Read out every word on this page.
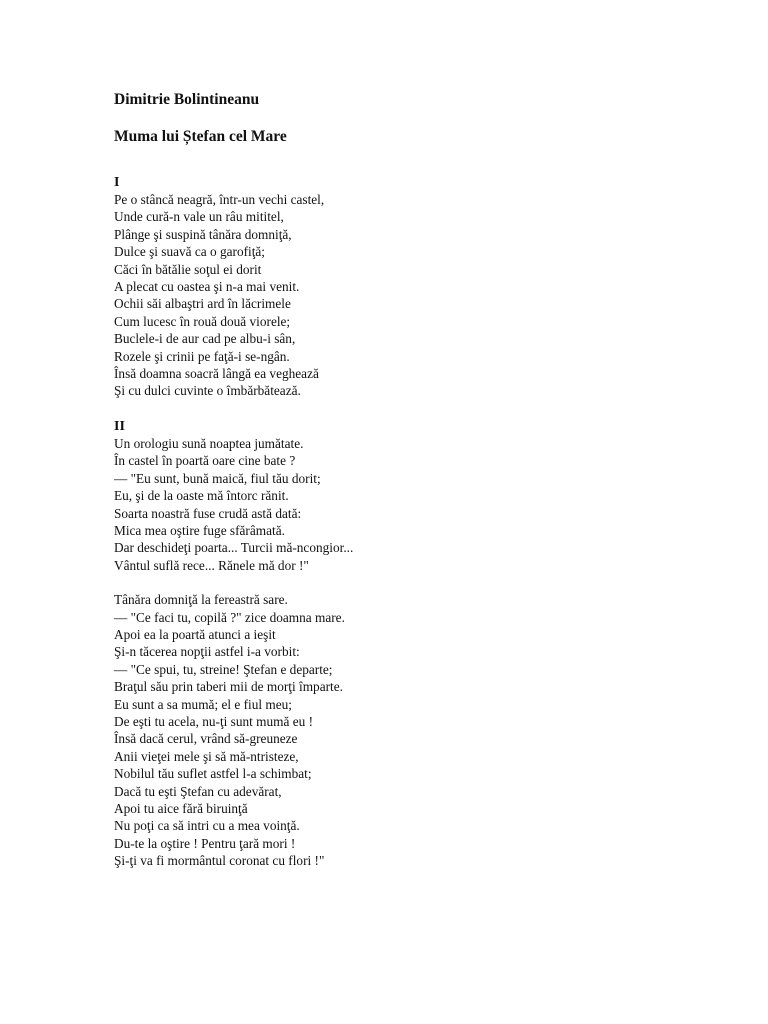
Dimitrie Bolintineanu

Muma lui Ștefan cel Mare

I

Pe o stâncă neagră, într-un vechi castel,
Unde cură-n vale un râu mititel,
Plânge şi suspină tânăra domniţă,
Dulce şi suavă ca o garofiţă;
Căci în bătălie soţul ei dorit
A plecat cu oastea şi n-a mai venit.
Ochii săi albaştri ard în lăcrimele
Cum lucesc în rouă două viorele;
Buclele-i de aur cad pe albu-i sân,
Rozele şi crinii pe faţă-i se-ngân.
Însă doamna soacră lângă ea veghează
Şi cu dulci cuvinte o îmbărbătează.

II

Un orologiu sună noaptea jumătate.
În castel în poartă oare cine bate ?
— "Eu sunt, bună maică, fiul tău dorit;
Eu, şi de la oaste mă întorc rănit.
Soarta noastră fuse crudă astă dată:
Mica mea oştire fuge sfărâmată.
Dar deschideţi poarta... Turcii mă-ncongior...
Vântul suflă rece... Rănele mă dor !"
Tânăra domniţă la fereastră sare.
— "Ce faci tu, copilă ?" zice doamna mare.
Apoi ea la poartă atunci a ieşit
Şi-n tăcerea nopţii astfel i-a vorbit:
— "Ce spui, tu, streine! Ştefan e departe;
Braţul său prin taberi mii de morţi împarte.
Eu sunt a sa mumă; el e fiul meu;
De eşti tu acela, nu-ţi sunt mumă eu !
Însă dacă cerul, vrând să-greuneze
Anii vieţei mele şi să mă-ntristeze,
Nobilul tău suflet astfel l-a schimbat;
Dacă tu eşti Ştefan cu adevărat,
Apoi tu aice fără biruinţă
Nu poţi ca să intri cu a mea voinţă.
Du-te la oştire ! Pentru ţară mori !
Şi-ţi va fi mormântul coronat cu flori !"
